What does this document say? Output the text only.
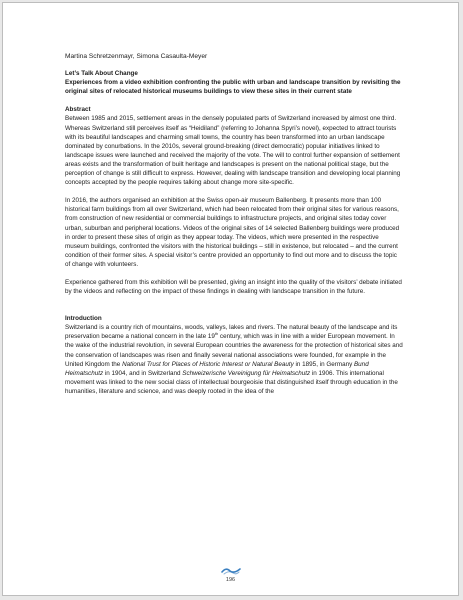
Martina Schretzenmayr, Simona Casaulta-Meyer

Let’s Talk About Change

Experiences from a video exhibition confronting the public with urban and landscape transition by revisiting the original sites of relocated historical museums buildings to view these sites in their current state

Abstract

Between 1985 and 2015, settlement areas in the densely populated parts of Switzerland increased by almost one third. Whereas Switzerland still perceives itself as “Heidiland” (referring to Johanna Spyri’s novel), expected to attract tourists with its beautiful landscapes and charming small towns, the country has been transformed into an urban landscape dominated by conurbations. In the 2010s, several ground-breaking (direct democratic) popular initiatives linked to landscape issues were launched and received the majority of the vote. The will to control further expansion of settlement areas exists and the transformation of built heritage and landscapes is present on the national political stage, but the perception of change is still difficult to express. However, dealing with landscape transition and developing local planning concepts accepted by the people requires talking about change more site-specific.

In 2016, the authors organised an exhibition at the Swiss open-air museum Ballenberg. It presents more than 100 historical farm buildings from all over Switzerland, which had been relocated from their original sites for various reasons, from construction of new residential or commercial buildings to infrastructure projects, and original sites today cover urban, suburban and peripheral locations. Videos of the original sites of 14 selected Ballenberg buildings were produced in order to present these sites of origin as they appear today. The videos, which were presented in the respective museum buildings, confronted the visitors with the historical buildings – still in existence, but relocated – and the current condition of their former sites. A special visitor’s centre provided an opportunity to find out more and to discuss the topic of change with volunteers.

Experience gathered from this exhibition will be presented, giving an insight into the quality of the visitors’ debate initiated by the videos and reflecting on the impact of these findings in dealing with landscape transition in the future.

Introduction

Switzerland is a country rich of mountains, woods, valleys, lakes and rivers. The natural beauty of the landscape and its preservation became a national concern in the late 19th century, which was in line with a wider European movement. In the wake of the industrial revolution, in several European countries the awareness for the protection of historical sites and the conservation of landscapes was risen and finally several national associations were founded, for example in the United Kingdom the National Trust for Places of Historic Interest or Natural Beauty in 1895, in Germany Bund Heimatschutz in 1904, and in Switzerland Schweizerische Vereinigung für Heimatschutz in 1906. This international movement was linked to the new social class of intellectual bourgeoisie that distinguished itself through education in the humanities, literature and science, and was deeply rooted in the idea of the

196
